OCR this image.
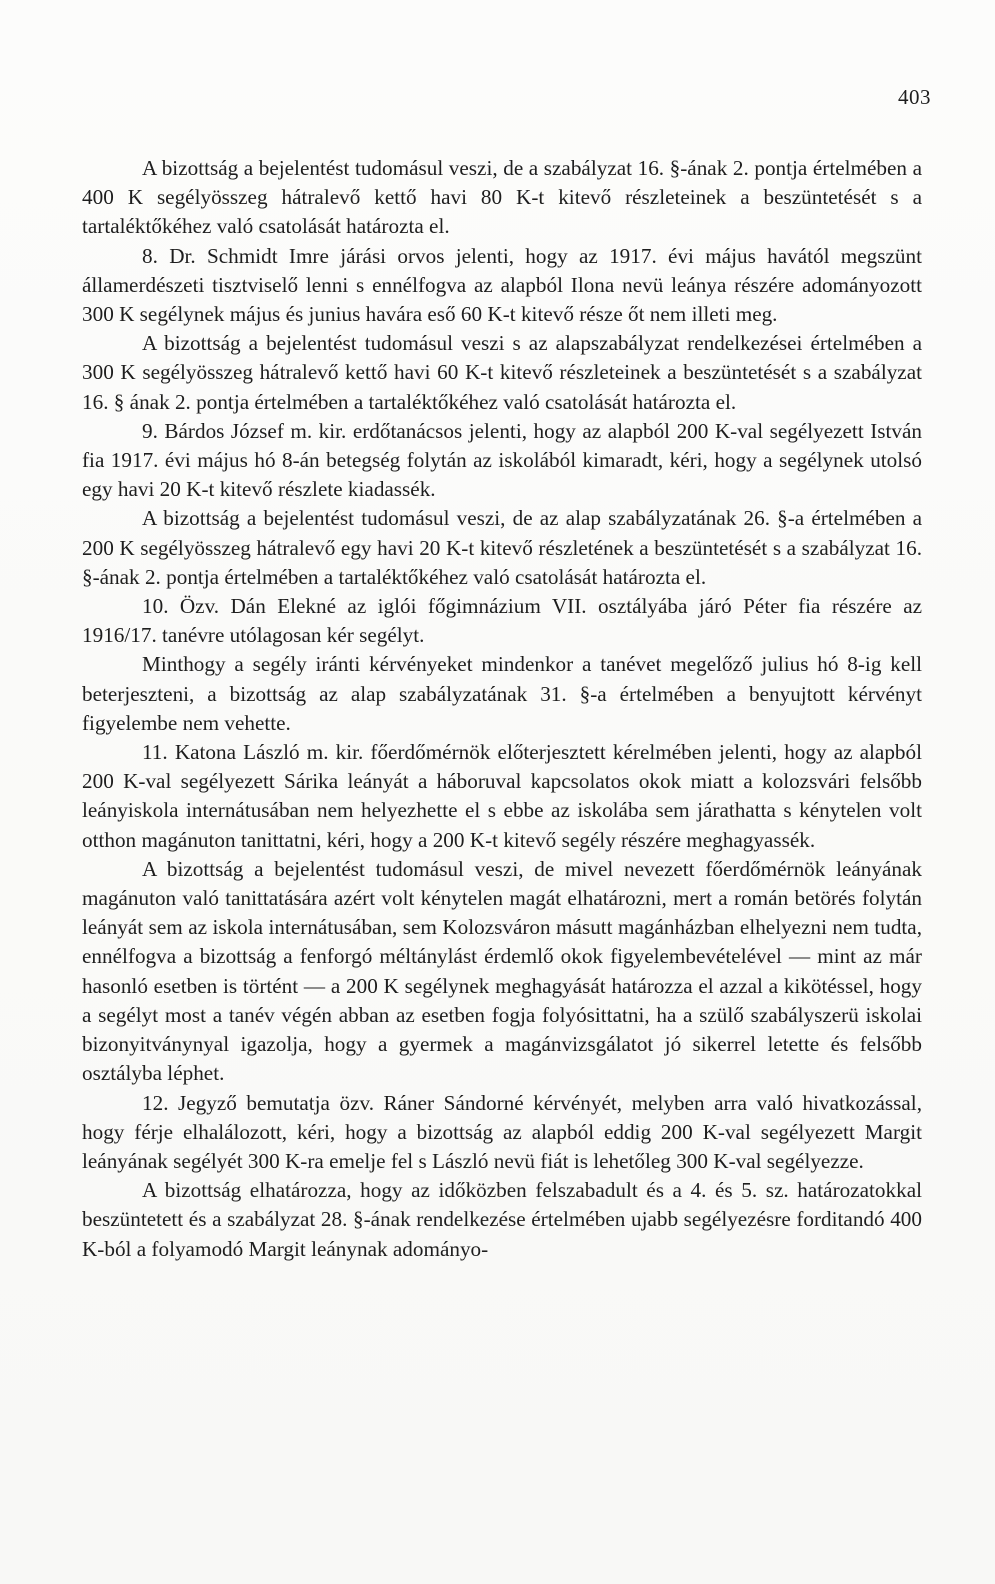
403

A bizottság a bejelentést tudomásul veszi, de a szabályzat 16. §-ának 2. pontja értelmében a 400 K segélyösszeg hátralevő kettő havi 80 K-t kitevő részleteinek a beszüntetését s a tartaléktőkéhez való csatolását határozta el.

8. Dr. Schmidt Imre járási orvos jelenti, hogy az 1917. évi május havától megszünt államerdészeti tisztviselő lenni s ennélfogva az alapból Ilona nevü leánya részére adományozott 300 K segélynek május és junius havára eső 60 K-t kitevő része őt nem illeti meg.

A bizottság a bejelentést tudomásul veszi s az alapszabályzat rendelkezései értelmében a 300 K segélyösszeg hátralevő kettő havi 60 K-t kitevő részleteinek a beszüntetését s a szabályzat 16. § ának 2. pontja értelmében a tartaléktőkéhez való csatolását határozta el.

9. Bárdos József m. kir. erdőtanácsos jelenti, hogy az alapból 200 K-val segélyezett István fia 1917. évi május hó 8-án betegség folytán az iskolából kimaradt, kéri, hogy a segélynek utolsó egy havi 20 K-t kitevő részlete kiadassék.

A bizottság a bejelentést tudomásul veszi, de az alap szabályzatának 26. §-a értelmében a 200 K segélyösszeg hátralevő egy havi 20 K-t kitevő részletének a beszüntetését s a szabályzat 16. §-ának 2. pontja értelmében a tartaléktőkéhez való csatolását határozta el.

10. Özv. Dán Elekné az iglói főgimnázium VII. osztályába járó Péter fia részére az 1916/17. tanévre utólagosan kér segélyt.

Minthogy a segély iránti kérvényeket mindenkor a tanévet megelőző julius hó 8-ig kell beterjeszteni, a bizottság az alap szabályzatának 31. §-a értelmében a benyujtott kérvényt figyelembe nem vehette.

11. Katona László m. kir. főerdőmérnök előterjesztett kérelmében jelenti, hogy az alapból 200 K-val segélyezett Sárika leányát a háboruval kapcsolatos okok miatt a kolozsvári felsőbb leányiskola internátusában nem helyezhette el s ebbe az iskolába sem járathatta s kénytelen volt otthon magánuton tanittatni, kéri, hogy a 200 K-t kitevő segély részére meghagyassék.

A bizottság a bejelentést tudomásul veszi, de mivel nevezett főerdőmérnök leányának magánuton való tanittatására azért volt kénytelen magát elhatározni, mert a román betörés folytán leányát sem az iskola internátusában, sem Kolozsváron másutt magánházban elhelyezni nem tudta, ennélfogva a bizottság a fenforgó méltánylást érdemlő okok figyelembevételével — mint az már hasonló esetben is történt — a 200 K segélynek meghagyását határozza el azzal a kikötéssel, hogy a segélyt most a tanév végén abban az esetben fogja folyósittatni, ha a szülő szabályszerü iskolai bizonyitványnyal igazolja, hogy a gyermek a magánvizsgálatot jó sikerrel letette és felsőbb osztályba léphet.

12. Jegyző bemutatja özv. Ráner Sándorné kérvényét, melyben arra való hivatkozással, hogy férje elhalálozott, kéri, hogy a bizottság az alapból eddig 200 K-val segélyezett Margit leányának segélyét 300 K-ra emelje fel s László nevü fiát is lehetőleg 300 K-val segélyezze.

A bizottság elhatározza, hogy az időközben felszabadult és a 4. és 5. sz. határozatokkal beszüntetett és a szabályzat 28. §-ának rendelkezése értelmében ujabb segélyezésre forditandó 400 K-ból a folyamodó Margit leánynak adományo-
